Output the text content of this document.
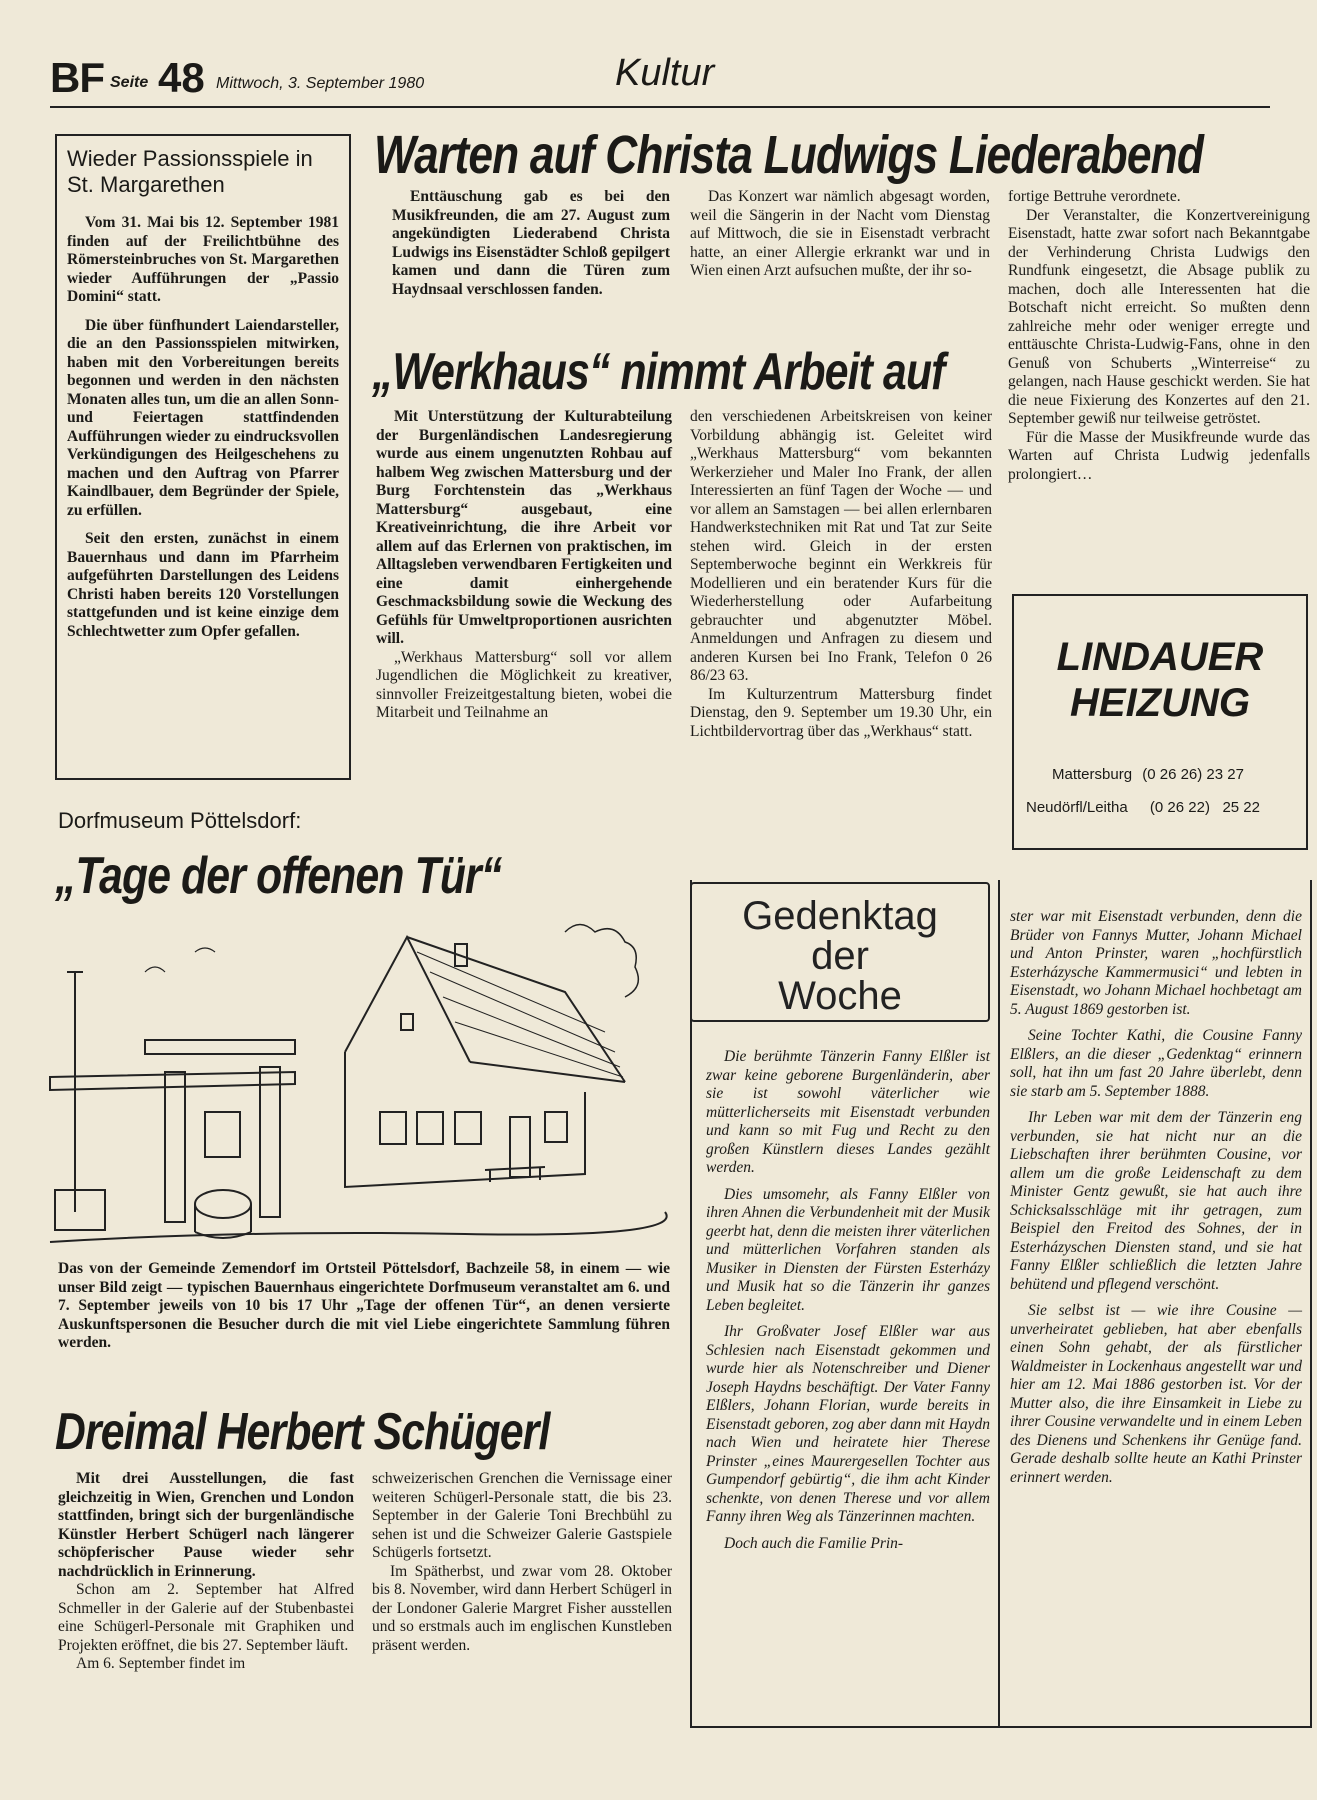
BF Seite 48 Mittwoch, 3. September 1980	Kultur
Wieder Passionsspiele in St. Margarethen

Vom 31. Mai bis 12. September 1981 finden auf der Freilichtbühne des Römersteinbruches von St. Margarethen wieder Aufführungen der „Passio Domini“ statt.

Die über fünfhundert Laiendarsteller, die an den Passionsspielen mitwirken, haben mit den Vorbereitungen bereits begonnen und werden in den nächsten Monaten alles tun, um die an allen Sonn- und Feiertagen stattfindenden Aufführungen wieder zu eindrucksvollen Verkündigungen des Heilgeschehens zu machen und den Auftrag von Pfarrer Kaindlbauer, dem Begründer der Spiele, zu erfüllen.

Seit den ersten, zunächst in einem Bauernhaus und dann im Pfarrheim aufgeführten Darstellungen des Leidens Christi haben bereits 120 Vorstellungen stattgefunden und ist keine einzige dem Schlechtwetter zum Opfer gefallen.

Warten auf Christa Ludwigs Liederabend

Enttäuschung gab es bei den Musikfreunden, die am 27. August zum angekündigten Liederabend Christa Ludwigs ins Eisenstädter Schloß gepilgert kamen und dann die Türen zum Haydnsaal verschlossen fanden.

Das Konzert war nämlich abgesagt worden, weil die Sängerin in der Nacht vom Dienstag auf Mittwoch, die sie in Eisenstadt verbracht hatte, an einer Allergie erkrankt war und in Wien einen Arzt aufsuchen mußte, der ihr so-

fortige Bettruhe verordnete.

Der Veranstalter, die Konzertvereinigung Eisenstadt, hatte zwar sofort nach Bekanntgabe der Verhinderung Christa Ludwigs den Rundfunk eingesetzt, die Absage publik zu machen, doch alle Interessenten hat die Botschaft nicht erreicht. So mußten denn zahlreiche mehr oder weniger erregte und enttäuschte Christa-Ludwig-Fans, ohne in den Genuß von Schuberts „Winterreise“ zu gelangen, nach Hause geschickt werden. Sie hat die neue Fixierung des Konzertes auf den 21. September gewiß nur teilweise getröstet.

Für die Masse der Musikfreunde wurde das Warten auf Christa Ludwig jedenfalls prolongiert…

„Werkhaus“ nimmt Arbeit auf

Mit Unterstützung der Kulturabteilung der Burgenländischen Landesregierung wurde aus einem ungenutzten Rohbau auf halbem Weg zwischen Mattersburg und der Burg Forchtenstein das „Werkhaus Mattersburg“ ausgebaut, eine Kreativeinrichtung, die ihre Arbeit vor allem auf das Erlernen von praktischen, im Alltagsleben verwendbaren Fertigkeiten und eine damit einhergehende Geschmacksbildung sowie die Weckung des Gefühls für Umweltproportionen ausrichten will.

„Werkhaus Mattersburg“ soll vor allem Jugendlichen die Möglichkeit zu kreativer, sinnvoller Freizeitgestaltung bieten, wobei die Mitarbeit und Teilnahme an

den verschiedenen Arbeitskreisen von keiner Vorbildung abhängig ist. Geleitet wird „Werkhaus Mattersburg“ vom bekannten Werkerzieher und Maler Ino Frank, der allen Interessierten an fünf Tagen der Woche — und vor allem an Samstagen — bei allen erlernbaren Handwerkstechniken mit Rat und Tat zur Seite stehen wird. Gleich in der ersten Septemberwoche beginnt ein Werkkreis für Modellieren und ein beratender Kurs für die Wiederherstellung oder Aufarbeitung gebrauchter und abgenutzter Möbel. Anmeldungen und Anfragen zu diesem und anderen Kursen bei Ino Frank, Telefon 0 26 86/23 63.

Im Kulturzentrum Mattersburg findet Dienstag, den 9. September um 19.30 Uhr, ein Lichtbildervortrag über das „Werkhaus“ statt.

LINDAUER
HEIZUNG
Mattersburg (0 26 26) 23 27
Neudörfl/Leitha (0 26 22)   25 22
Dorfmuseum Pöttelsdorf:
„Tage der offenen Tür“

Das von der Gemeinde Zemendorf im Ortsteil Pöttelsdorf, Bachzeile 58, in einem — wie unser Bild zeigt — typischen Bauernhaus eingerichtete Dorfmuseum veranstaltet am 6. und 7. September jeweils von 10 bis 17 Uhr „Tage der offenen Tür“, an denen versierte Auskunftspersonen die Besucher durch die mit viel Liebe eingerichtete Sammlung führen werden.

Dreimal Herbert Schügerl

Mit drei Ausstellungen, die fast gleichzeitig in Wien, Grenchen und London stattfinden, bringt sich der burgenländische Künstler Herbert Schügerl nach längerer schöpferischer Pause wieder sehr nachdrücklich in Erinnerung.

Schon am 2. September hat Alfred Schmeller in der Galerie auf der Stubenbastei eine Schügerl-Personale mit Graphiken und Projekten eröffnet, die bis 27. September läuft.

Am 6. September findet im

schweizerischen Grenchen die Vernissage einer weiteren Schügerl-Personale statt, die bis 23. September in der Galerie Toni Brechbühl zu sehen ist und die Schweizer Galerie Gastspiele Schügerls fortsetzt.

Im Spätherbst, und zwar vom 28. Oktober bis 8. November, wird dann Herbert Schügerl in der Londoner Galerie Margret Fisher ausstellen und so erstmals auch im englischen Kunstleben präsent werden.

Gedenktag
der
Woche

Die berühmte Tänzerin Fanny Elßler ist zwar keine geborene Burgenländerin, aber sie ist sowohl väterlicher wie mütterlicherseits mit Eisenstadt verbunden und kann so mit Fug und Recht zu den großen Künstlern dieses Landes gezählt werden.

Dies umsomehr, als Fanny Elßler von ihren Ahnen die Verbundenheit mit der Musik geerbt hat, denn die meisten ihrer väterlichen und mütterlichen Vorfahren standen als Musiker in Diensten der Fürsten Esterházy und Musik hat so die Tänzerin ihr ganzes Leben begleitet.

Ihr Großvater Josef Elßler war aus Schlesien nach Eisenstadt gekommen und wurde hier als Notenschreiber und Diener Joseph Haydns beschäftigt. Der Vater Fanny Elßlers, Johann Florian, wurde bereits in Eisenstadt geboren, zog aber dann mit Haydn nach Wien und heiratete hier Therese Prinster „eines Maurergesellen Tochter aus Gumpendorf gebürtig“, die ihm acht Kinder schenkte, von denen Therese und vor allem Fanny ihren Weg als Tänzerinnen machten.

Doch auch die Familie Prin-

ster war mit Eisenstadt verbunden, denn die Brüder von Fannys Mutter, Johann Michael und Anton Prinster, waren „hochfürstlich Esterházysche Kammermusici“ und lebten in Eisenstadt, wo Johann Michael hochbetagt am 5. August 1869 gestorben ist.

Seine Tochter Kathi, die Cousine Fanny Elßlers, an die dieser „Gedenktag“ erinnern soll, hat ihn um fast 20 Jahre überlebt, denn sie starb am 5. September 1888.

Ihr Leben war mit dem der Tänzerin eng verbunden, sie hat nicht nur an die Liebschaften ihrer berühmten Cousine, vor allem um die große Leidenschaft zu dem Minister Gentz gewußt, sie hat auch ihre Schicksalsschläge mit ihr getragen, zum Beispiel den Freitod des Sohnes, der in Esterházyschen Diensten stand, und sie hat Fanny Elßler schließlich die letzten Jahre behütend und pflegend verschönt.

Sie selbst ist — wie ihre Cousine — unverheiratet geblieben, hat aber ebenfalls einen Sohn gehabt, der als fürstlicher Waldmeister in Lockenhaus angestellt war und hier am 12. Mai 1886 gestorben ist. Vor der Mutter also, die ihre Einsamkeit in Liebe zu ihrer Cousine verwandelte und in einem Leben des Dienens und Schenkens ihr Genüge fand. Gerade deshalb sollte heute an Kathi Prinster erinnert werden.
